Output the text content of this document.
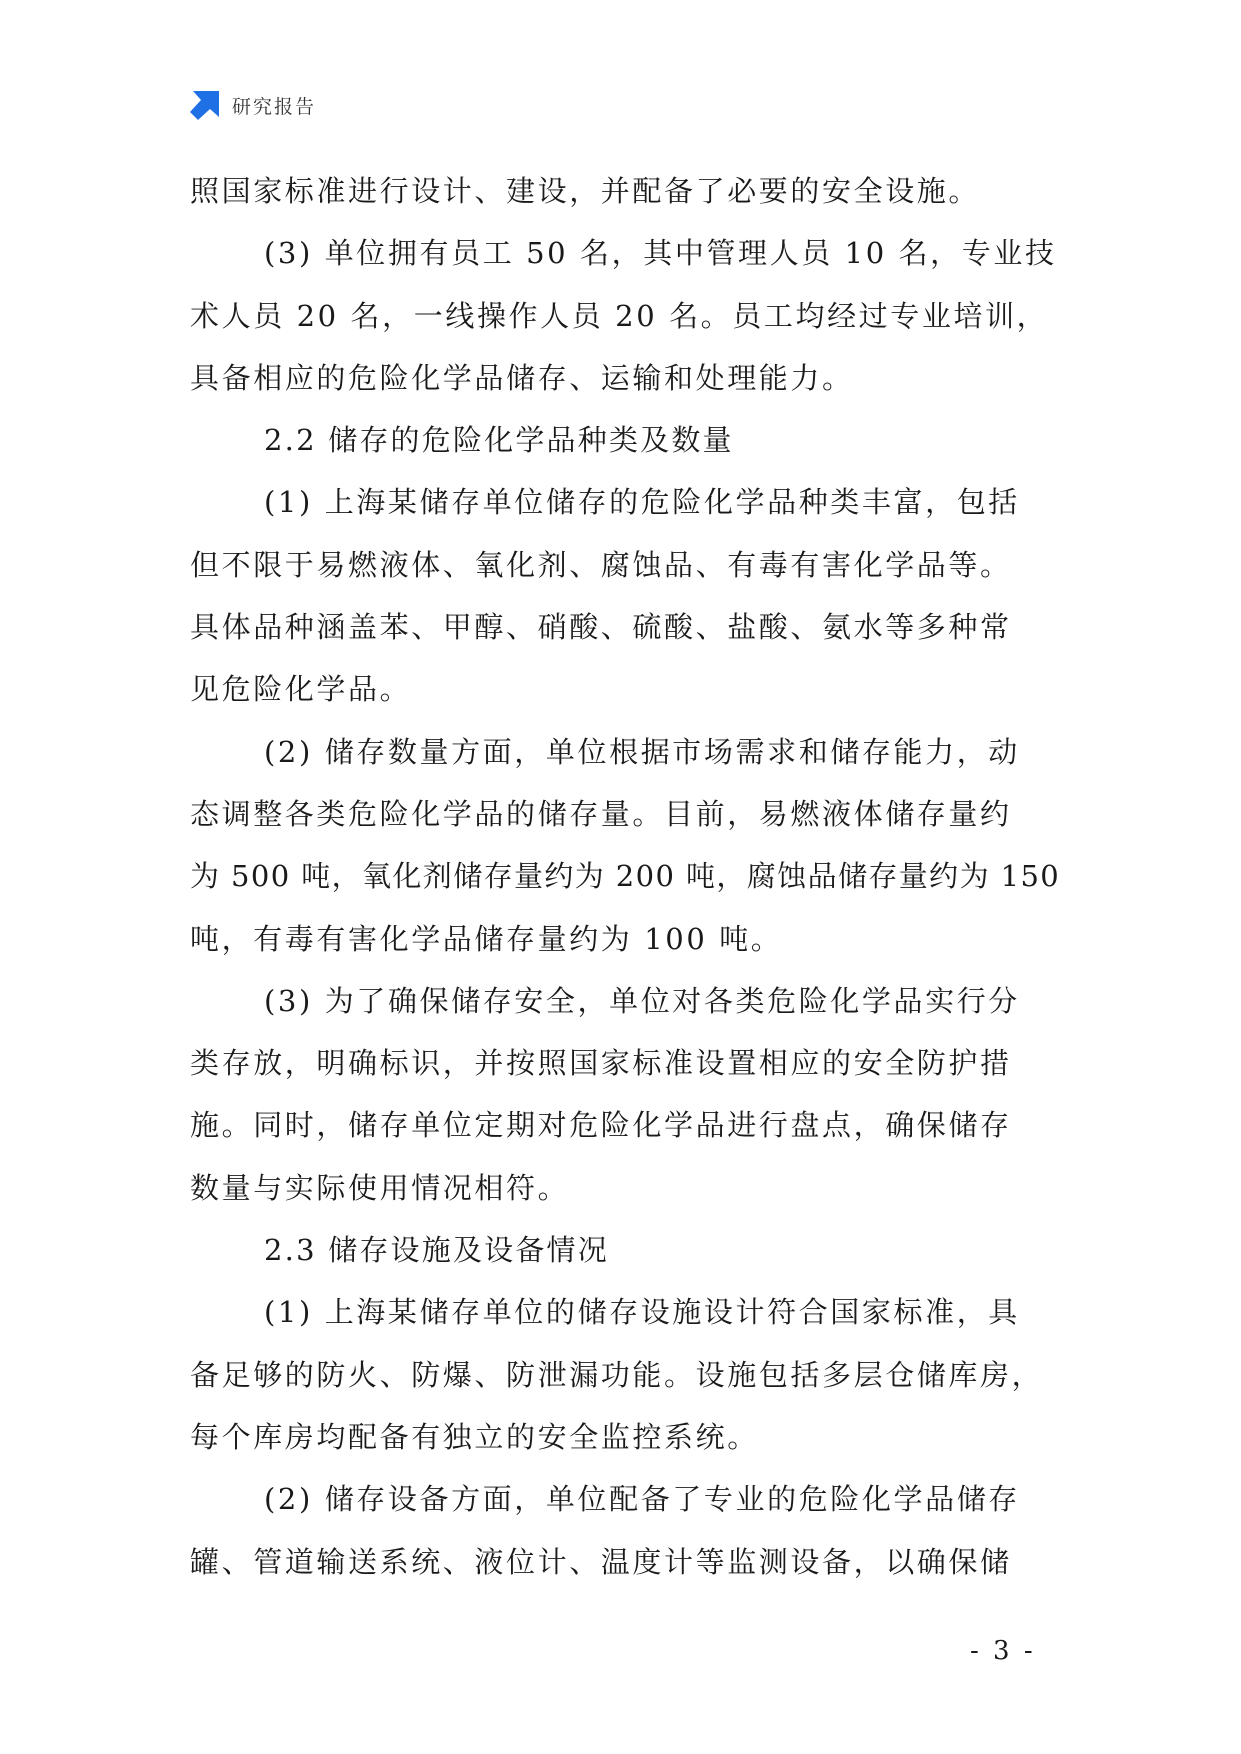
研究报告
照国家标准进行设计、建设，并配备了必要的安全设施。
(3) 单位拥有员工 50 名，其中管理人员 10 名，专业技
术人员 20 名，一线操作人员 20 名。员工均经过专业培训，
具备相应的危险化学品储存、运输和处理能力。
2.2 储存的危险化学品种类及数量
(1) 上海某储存单位储存的危险化学品种类丰富，包括
但不限于易燃液体、氧化剂、腐蚀品、有毒有害化学品等。
具体品种涵盖苯、甲醇、硝酸、硫酸、盐酸、氨水等多种常
见危险化学品。
(2) 储存数量方面，单位根据市场需求和储存能力，动
态调整各类危险化学品的储存量。目前，易燃液体储存量约
为 500 吨，氧化剂储存量约为 200 吨，腐蚀品储存量约为 150
吨，有毒有害化学品储存量约为 100 吨。
(3) 为了确保储存安全，单位对各类危险化学品实行分
类存放，明确标识，并按照国家标准设置相应的安全防护措
施。同时，储存单位定期对危险化学品进行盘点，确保储存
数量与实际使用情况相符。
2.3 储存设施及设备情况
(1) 上海某储存单位的储存设施设计符合国家标准，具
备足够的防火、防爆、防泄漏功能。设施包括多层仓储库房，
每个库房均配备有独立的安全监控系统。
(2) 储存设备方面，单位配备了专业的危险化学品储存
罐、管道输送系统、液位计、温度计等监测设备，以确保储
- 3 -
